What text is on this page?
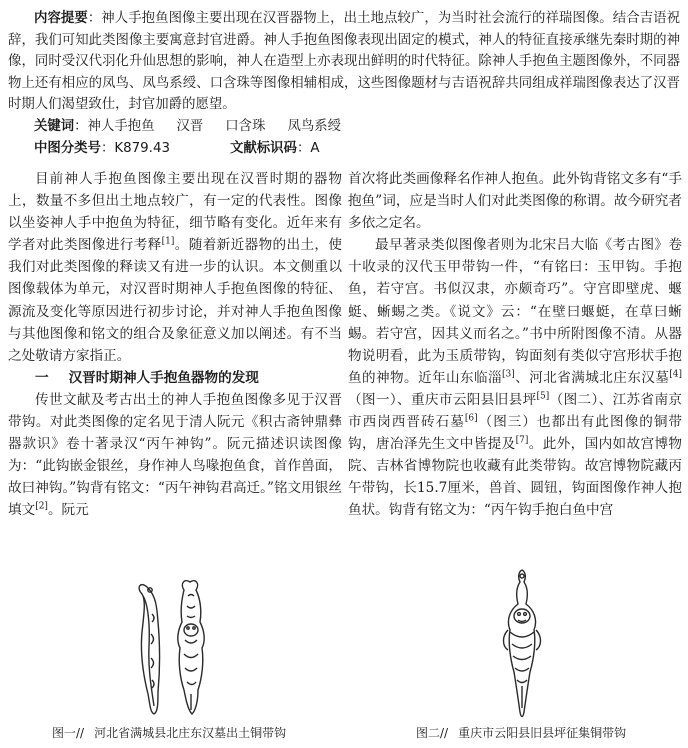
内容提要：神人手抱鱼图像主要出现在汉晋器物上，出土地点较广，为当时社会流行的祥瑞图像。结合吉语祝辞，我们可知此类图像主要寓意封官进爵。神人手抱鱼图像表现出固定的模式，神人的特征直接承继先秦时期的神像，同时受汉代羽化升仙思想的影响，神人在造型上亦表现出鲜明的时代特征。除神人手抱鱼主题图像外，不同器物上还有相应的凤鸟、凤鸟系绶、口含珠等图像相辅相成，这些图像题材与吉语祝辞共同组成祥瑞图像表达了汉晋时期人们渴望致仕，封官加爵的愿望。

关键词：神人手抱鱼 汉晋 口含珠 凤鸟系绶
中图分类号：K879.43	文献标识码：A

目前神人手抱鱼图像主要出现在汉晋时期的器物上，数量不多但出土地点较广，有一定的代表性。图像以坐姿神人手中抱鱼为特征，细节略有变化。近年来有学者对此类图像进行考释[1]。随着新近器物的出土，使我们对此类图像的释读又有进一步的认识。本文侧重以图像载体为单元，对汉晋时期神人手抱鱼图像的特征、源流及变化等原因进行初步讨论，并对神人手抱鱼图像与其他图像和铭文的组合及象征意义加以阐述。有不当之处敬请方家指正。

一 汉晋时期神人手抱鱼器物的发现

传世文献及考古出土的神人手抱鱼图像多见于汉晋带钩。对此类图像的定名见于清人阮元《积古斋钟鼎彝器款识》卷十著录汉“丙午神钩”。阮元描述识读图像为：“此钩嵌金银丝，身作神人鸟喙抱鱼食，首作兽面，故曰神钩。”钩背有铭文：“丙午神钩君高迁。”铭文用银丝填文[2]。阮元

首次将此类画像释名作神人抱鱼。此外钩背铭文多有“手抱鱼”词，应是当时人们对此类图像的称谓。故今研究者多依之定名。

最早著录类似图像者则为北宋吕大临《考古图》卷十收录的汉代玉甲带钩一件，“有铭曰：玉甲钩。手抱鱼，若守宫。书似汉隶，亦颇奇巧”。守宫即壁虎、蝘蜓、蜥蜴之类。《说文》云：“在壁曰蝘蜓，在草曰蜥蜴。若守宫，因其义而名之。”书中所附图像不清。从器物说明看，此为玉质带钩，钩面刻有类似守宫形状手抱鱼的神物。近年山东临淄[3]、河北省满城北庄东汉墓[4]（图一）、重庆市云阳县旧县坪[5]（图二）、江苏省南京市西岗西晋砖石墓[6]（图三）也都出有此图像的铜带钩，唐冶泽先生文中皆提及[7]。此外，国内如故宫博物院、吉林省博物院也收藏有此类带钩。故宫博物院藏丙午带钩，长15.7厘米，兽首、圆钮，钩面图像作神人抱鱼状。钩背有铭文为：“丙午钩手抱白鱼中宫

图一// 河北省满城县北庄东汉墓出土铜带钩	图二// 重庆市云阳县旧县坪征集铜带钩
